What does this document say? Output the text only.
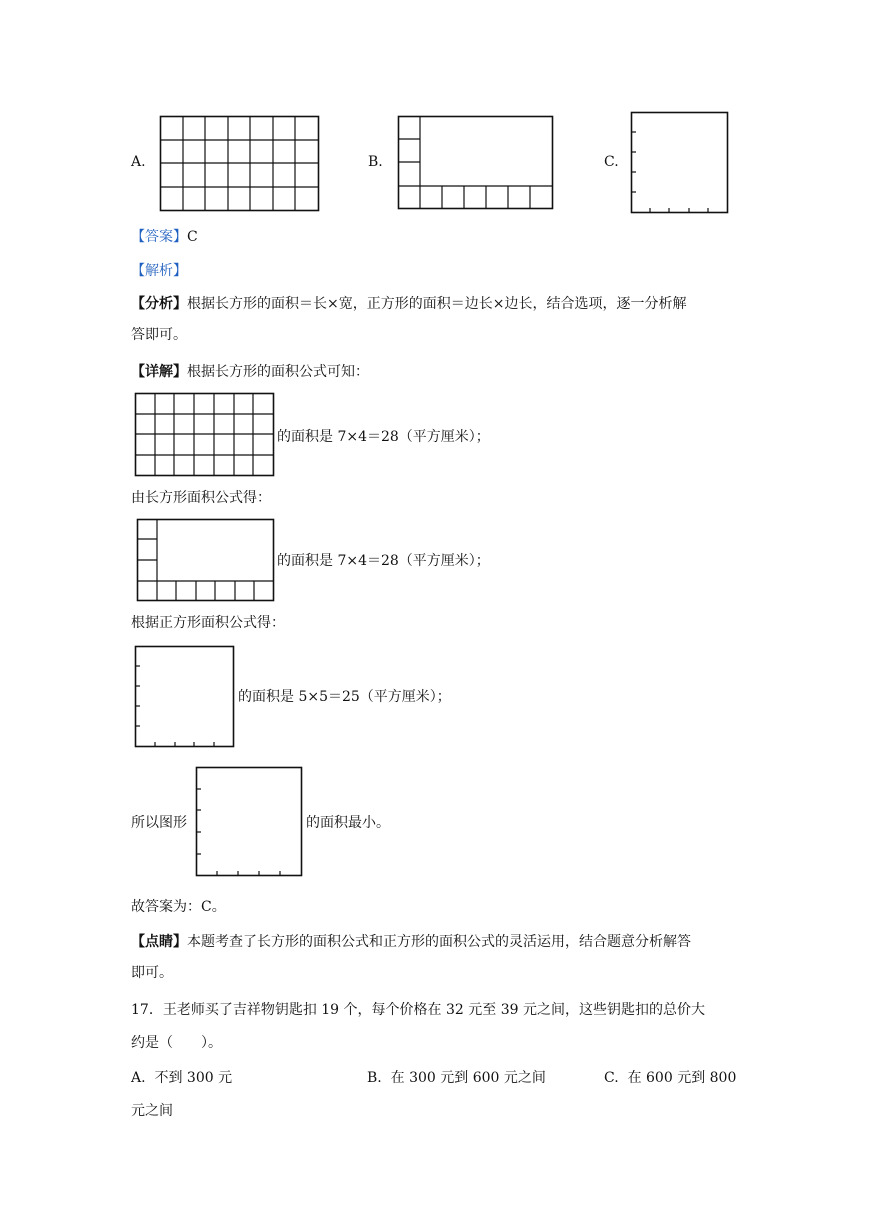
A.	B.	C.
【答案】C
【解析】
【分析】根据长方形的面积＝长×宽，正方形的面积＝边长×边长，结合选项，逐一分析解
答即可。
【详解】根据长方形的面积公式可知：
的面积是 7×4＝28（平方厘米）；
由长方形面积公式得：
的面积是 7×4＝28（平方厘米）；
根据正方形面积公式得：
的面积是 5×5＝25（平方厘米）；
所以图形	的面积最小。
故答案为：C。
【点睛】本题考查了长方形的面积公式和正方形的面积公式的灵活运用，结合题意分析解答
即可。
17．王老师买了吉祥物钥匙扣 19 个，每个价格在 32 元至 39 元之间，这些钥匙扣的总价大
约是（　　）。
A. 不到 300 元	B. 在 300 元到 600 元之间	C. 在 600 元到 800
元之间
